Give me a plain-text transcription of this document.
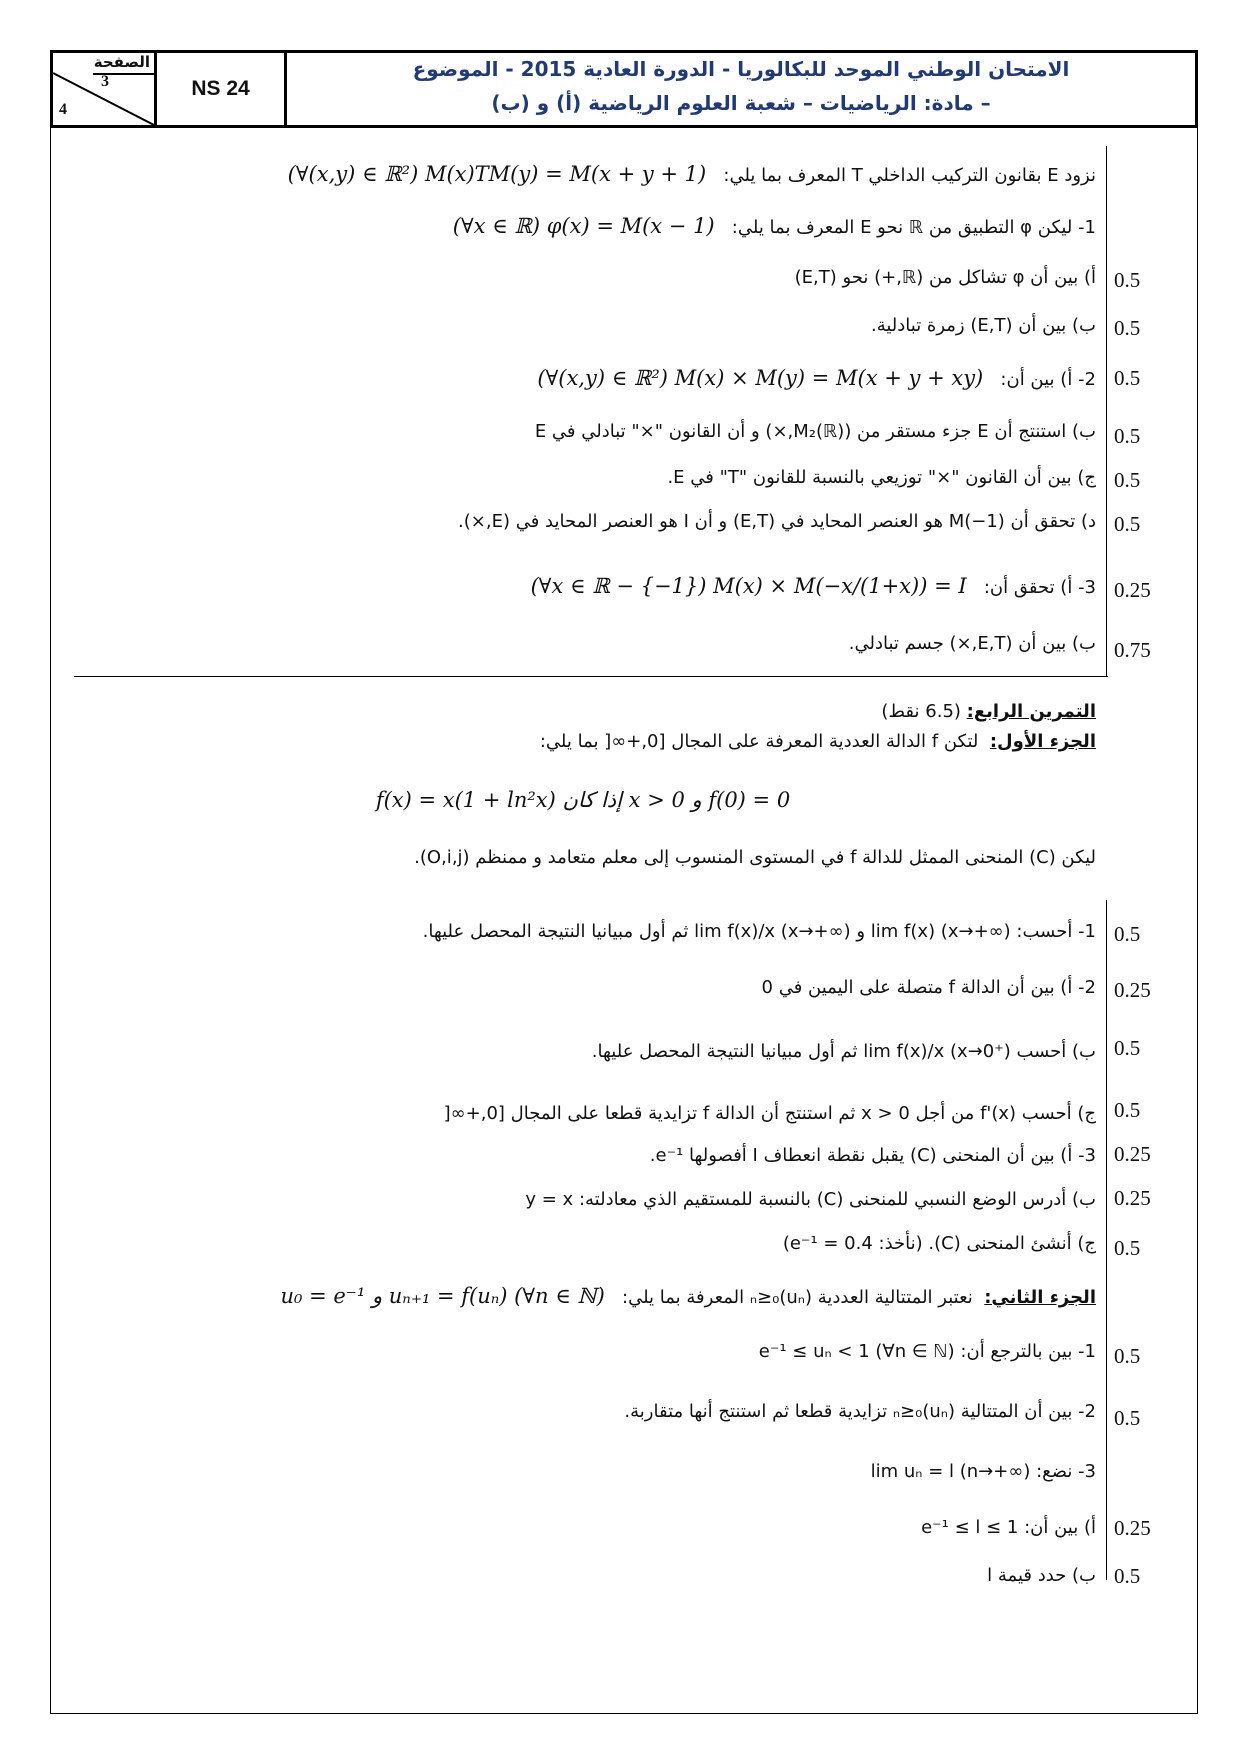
الصفحة
3
4
NS 24
الامتحان الوطني الموحد للبكالوريا - الدورة العادية 2015 - الموضوع
– مادة: الرياضيات – شعبة العلوم الرياضية (أ) و (ب)
نزود E بقانون التركيب الداخلي T المعرف بما يلي:   (∀(x,y) ∈ ℝ²) M(x)TM(y) = M(x + y + 1)
1- ليكن φ التطبيق من ℝ نحو E المعرف بما يلي:   (∀x ∈ ℝ) φ(x) = M(x − 1)
أ) بين أن φ تشاكل من (ℝ,+) نحو (E,T) 0.5
ب) بين أن (E,T) زمرة تبادلية. 0.5
2- أ) بين أن:   (∀(x,y) ∈ ℝ²) M(x) × M(y) = M(x + y + xy)	0.5
ب) استنتج أن E جزء مستقر من (M₂(ℝ),×) و أن القانون "×" تبادلي في E 0.5
ج) بين أن القانون "×" توزيعي بالنسبة للقانون "T" في E. 0.5
د) تحقق أن M(−1) هو العنصر المحايد في (E,T) و أن I هو العنصر المحايد في (E,×). 0.5
3- أ) تحقق أن:   (∀x ∈ ℝ − {−1}) M(x) × M(−x/(1+x)) = I	0.25
ب) بين أن (E,T,×) جسم تبادلي. 0.75
التمرين الرابع: (6.5 نقط)
الجزء الأول:  لتكن f الدالة العددية المعرفة على المجال [0,+∞[ بما يلي:
f(x) = x(1 + ln²x) إذا كان x > 0 و f(0) = 0
ليكن (C) المنحنى الممثل للدالة f في المستوى المنسوب إلى معلم متعامد و ممنظم (O,i,j).
1- أحسب: lim f(x) (x→+∞) و lim f(x)/x (x→+∞) ثم أول مبيانيا النتيجة المحصل عليها. 0.5
2- أ) بين أن الدالة f متصلة على اليمين في 0 0.25
ب) أحسب lim f(x)/x (x→0⁺) ثم أول مبيانيا النتيجة المحصل عليها. 0.5
ج) أحسب f'(x) من أجل x > 0 ثم استنتج أن الدالة f تزايدية قطعا على المجال [0,+∞[ 0.5
3- أ) بين أن المنحنى (C) يقبل نقطة انعطاف I أفصولها e⁻¹. 0.25
ب) أدرس الوضع النسبي للمنحنى (C) بالنسبة للمستقيم الذي معادلته: y = x 0.25
ج) أنشئ المنحنى (C). (نأخذ: e⁻¹ = 0.4) 0.5
الجزء الثاني:  نعتبر المتتالية العددية (uₙ)ₙ≥₀ المعرفة بما يلي:   u₀ = e⁻¹ و uₙ₊₁ = f(uₙ) (∀n ∈ ℕ)
1- بين بالترجع أن: e⁻¹ ≤ uₙ < 1 (∀n ∈ ℕ) 0.5
2- بين أن المتتالية (uₙ)ₙ≥₀ تزايدية قطعا ثم استنتج أنها متقاربة. 0.5
3- نضع: lim uₙ = l (n→+∞)
أ) بين أن: e⁻¹ ≤ l ≤ 1 0.25
ب) حدد قيمة l 0.5
